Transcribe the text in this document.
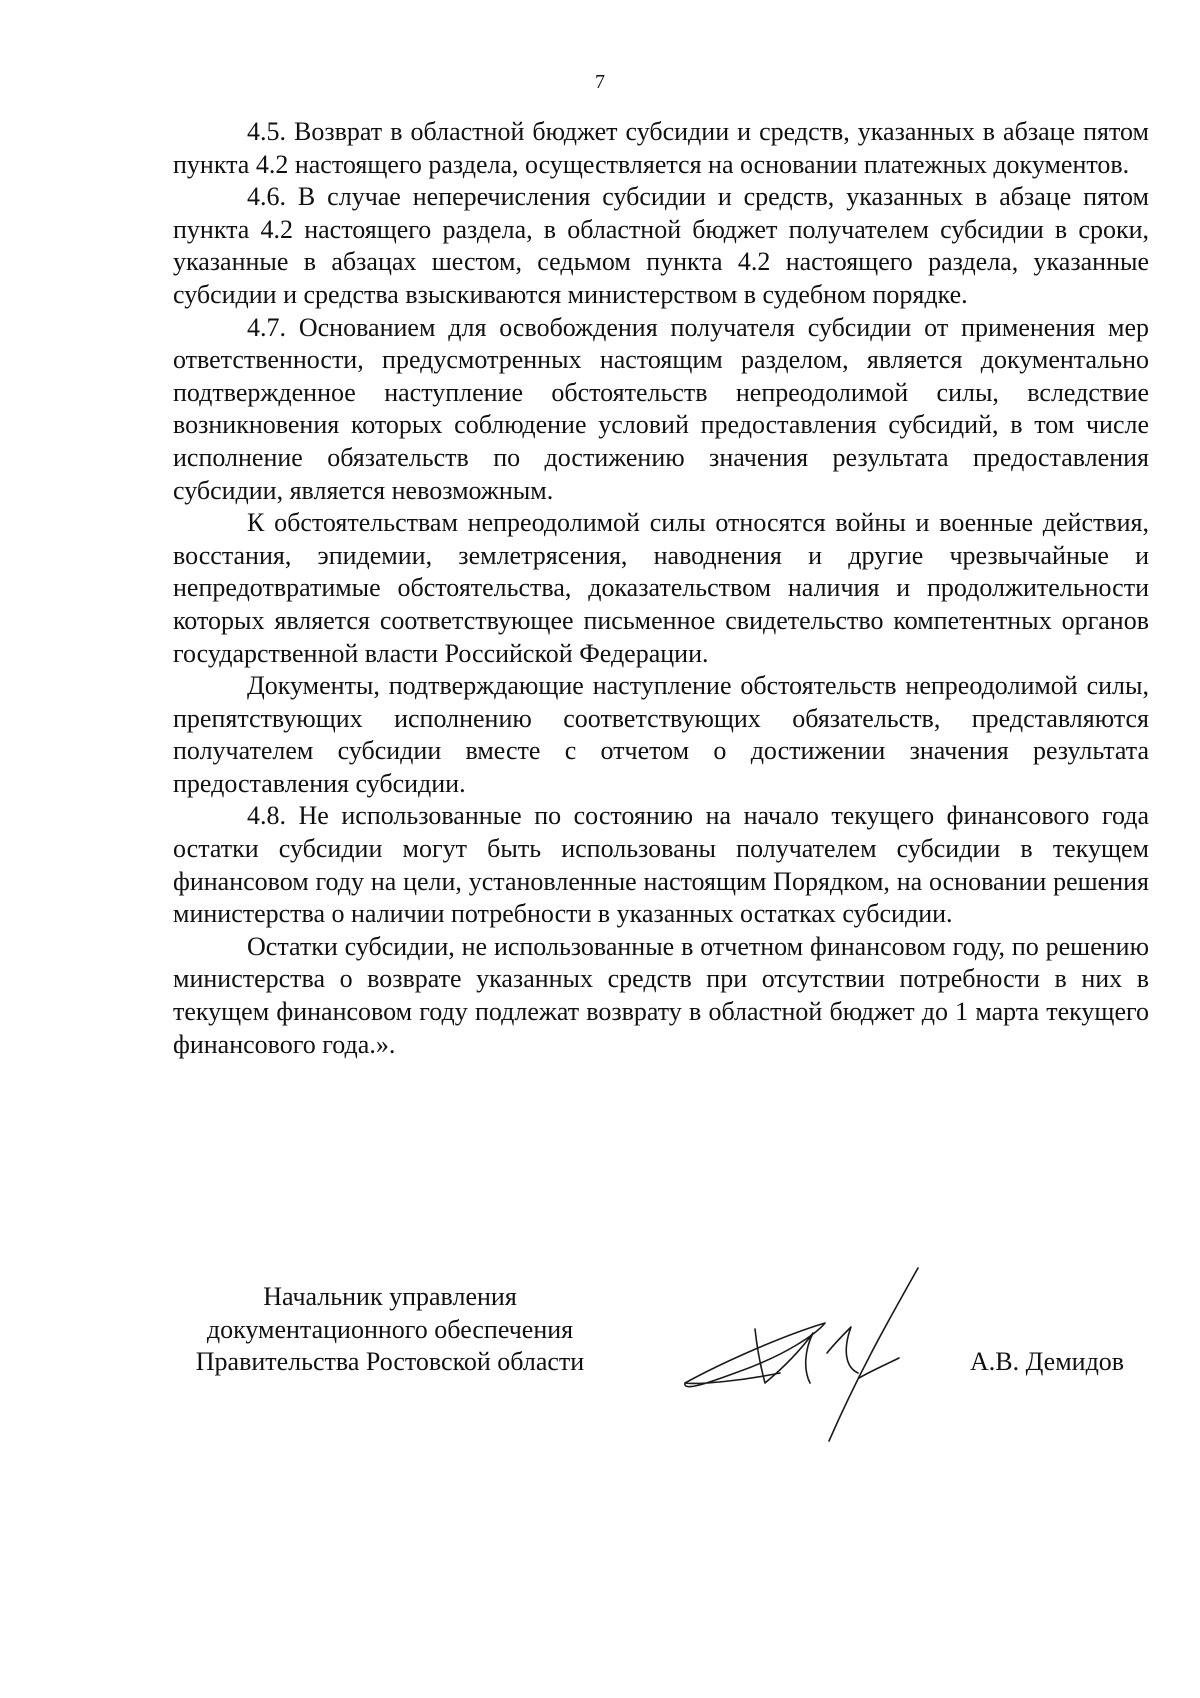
7

4.5. Возврат в областной бюджет субсидии и средств, указанных в абзаце пятом пункта 4.2 настоящего раздела, осуществляется на основании платежных документов.

4.6. В случае неперечисления субсидии и средств, указанных в абзаце пятом пункта 4.2 настоящего раздела, в областной бюджет получателем субсидии в сроки, указанные в абзацах шестом, седьмом пункта 4.2 настоящего раздела, указанные субсидии и средства взыскиваются министерством в судебном порядке.

4.7. Основанием для освобождения получателя субсидии от применения мер ответственности, предусмотренных настоящим разделом, является документально подтвержденное наступление обстоятельств непреодолимой силы, вследствие возникновения которых соблюдение условий предоставления субсидий, в том числе исполнение обязательств по достижению значения результата предоставления субсидии, является невозможным.

К обстоятельствам непреодолимой силы относятся войны и военные действия, восстания, эпидемии, землетрясения, наводнения и другие чрезвычайные и непредотвратимые обстоятельства, доказательством наличия и продолжительности которых является соответствующее письменное свидетельство компетентных органов государственной власти Российской Федерации.

Документы, подтверждающие наступление обстоятельств непреодолимой силы, препятствующих исполнению соответствующих обязательств, представляются получателем субсидии вместе с отчетом о достижении значения результата предоставления субсидии.

4.8. Не использованные по состоянию на начало текущего финансового года остатки субсидии могут быть использованы получателем субсидии в текущем финансовом году на цели, установленные настоящим Порядком, на основании решения министерства о наличии потребности в указанных остатках субсидии.

Остатки субсидии, не использованные в отчетном финансовом году, по решению министерства о возврате указанных средств при отсутствии потребности в них в текущем финансовом году подлежат возврату в областной бюджет до 1 марта текущего финансового года.».

Начальник управления
документационного обеспечения
Правительства Ростовской области	А.В. Демидов
